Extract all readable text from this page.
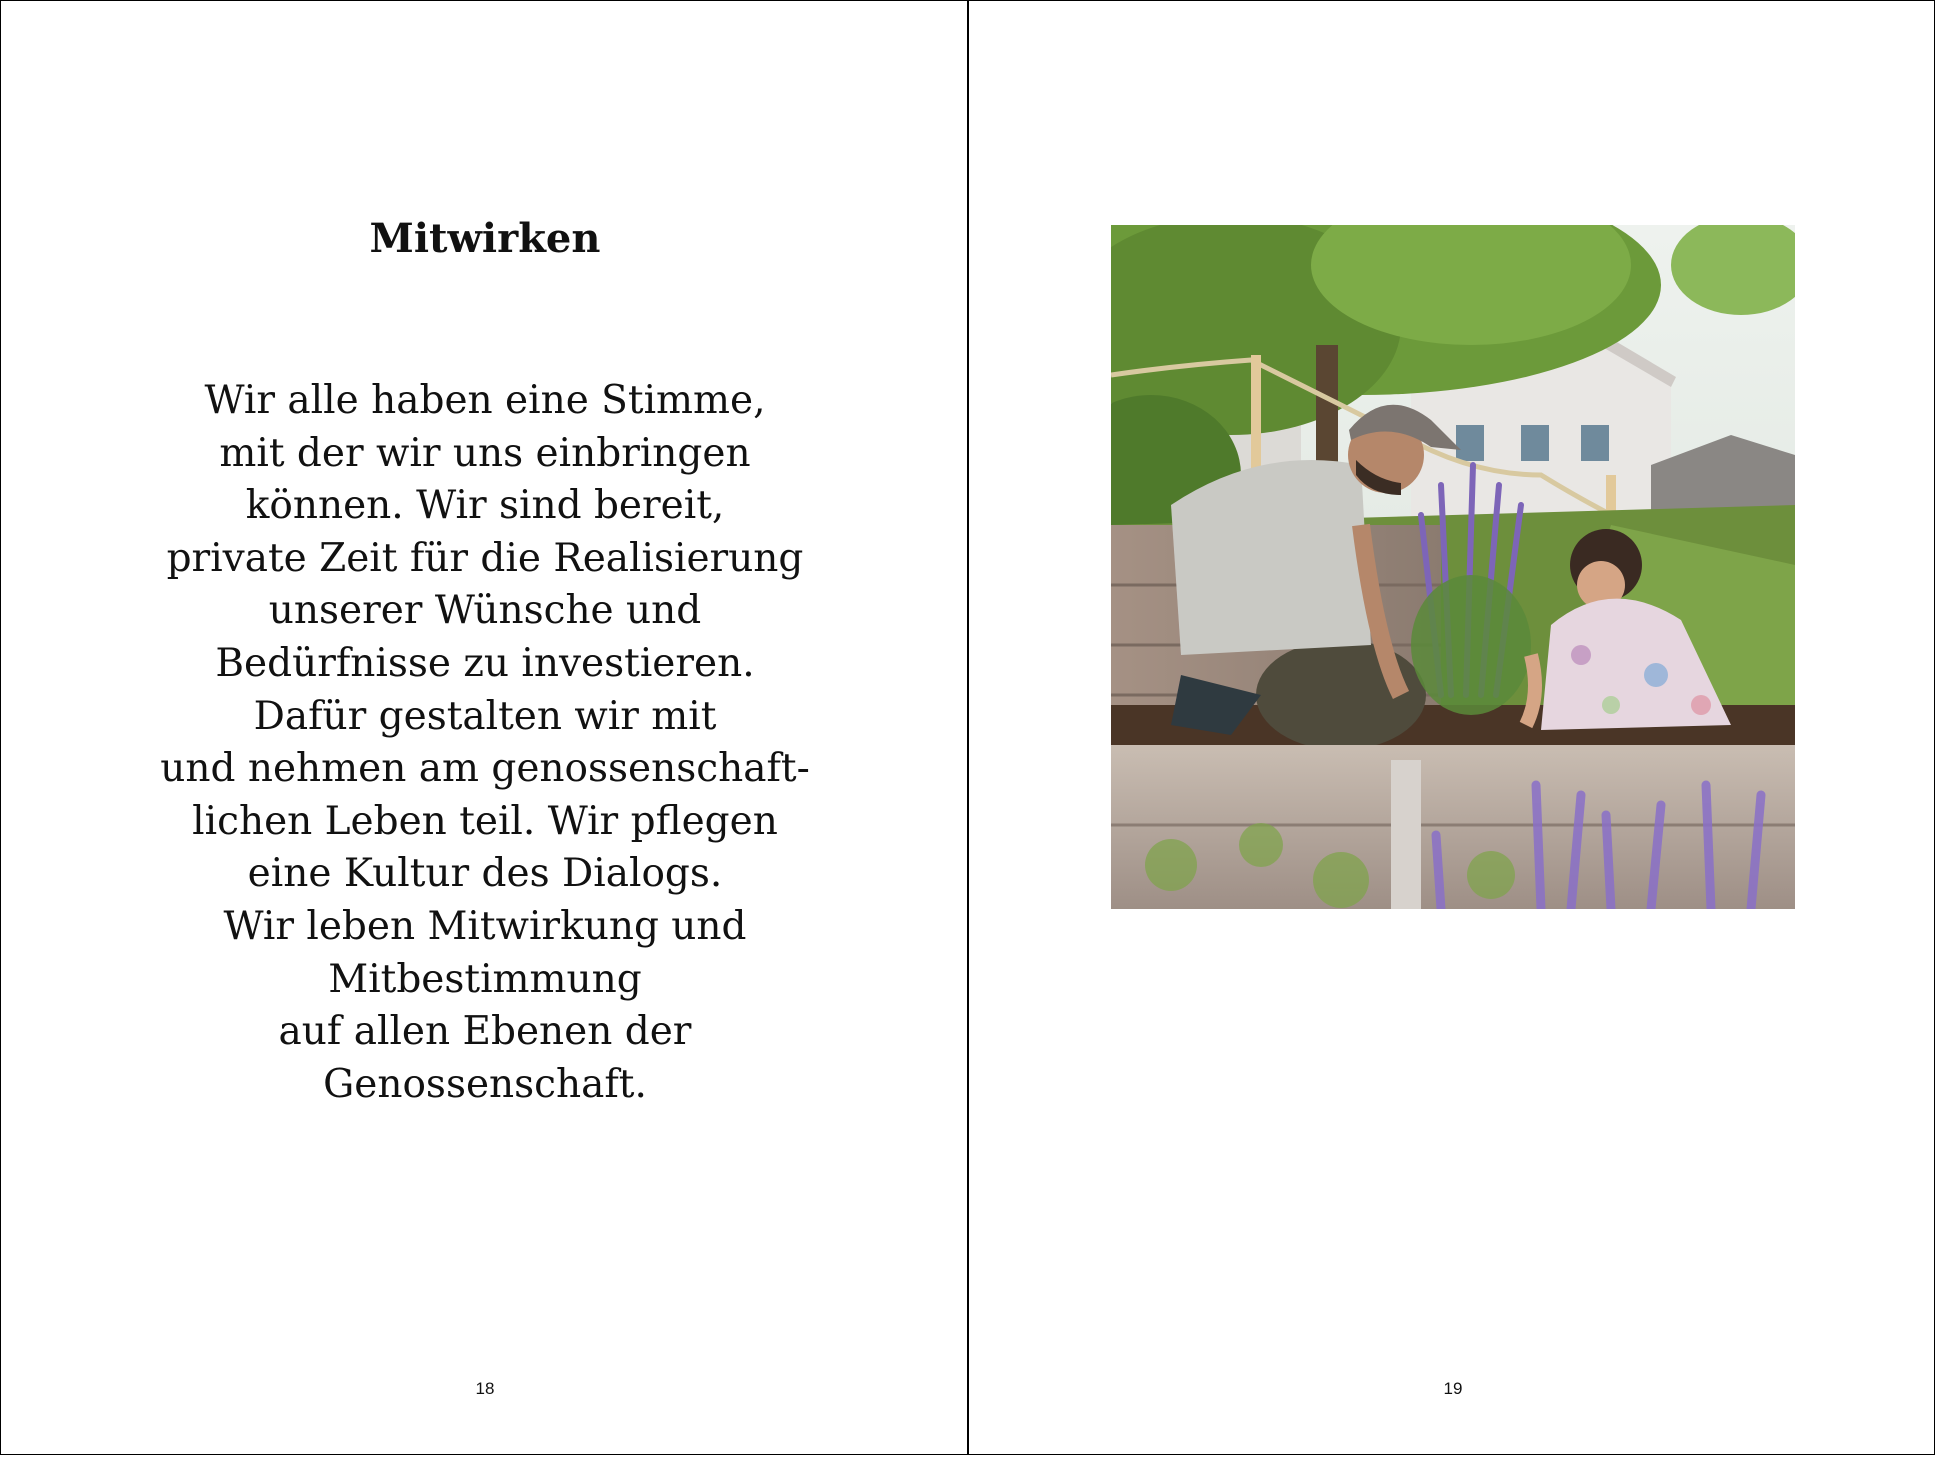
Mitwirken

Wir alle haben eine Stimme,
mit der wir uns einbringen
können. Wir sind bereit,
private Zeit für die Realisierung
unserer Wünsche und
Bedürfnisse zu investieren.
Dafür gestalten wir mit
und nehmen am genossenschaft-
lichen Leben teil. Wir pflegen
eine Kultur des Dialogs.
Wir leben Mitwirkung und
Mitbestimmung
auf allen Ebenen der
Genossenschaft.

18	19
